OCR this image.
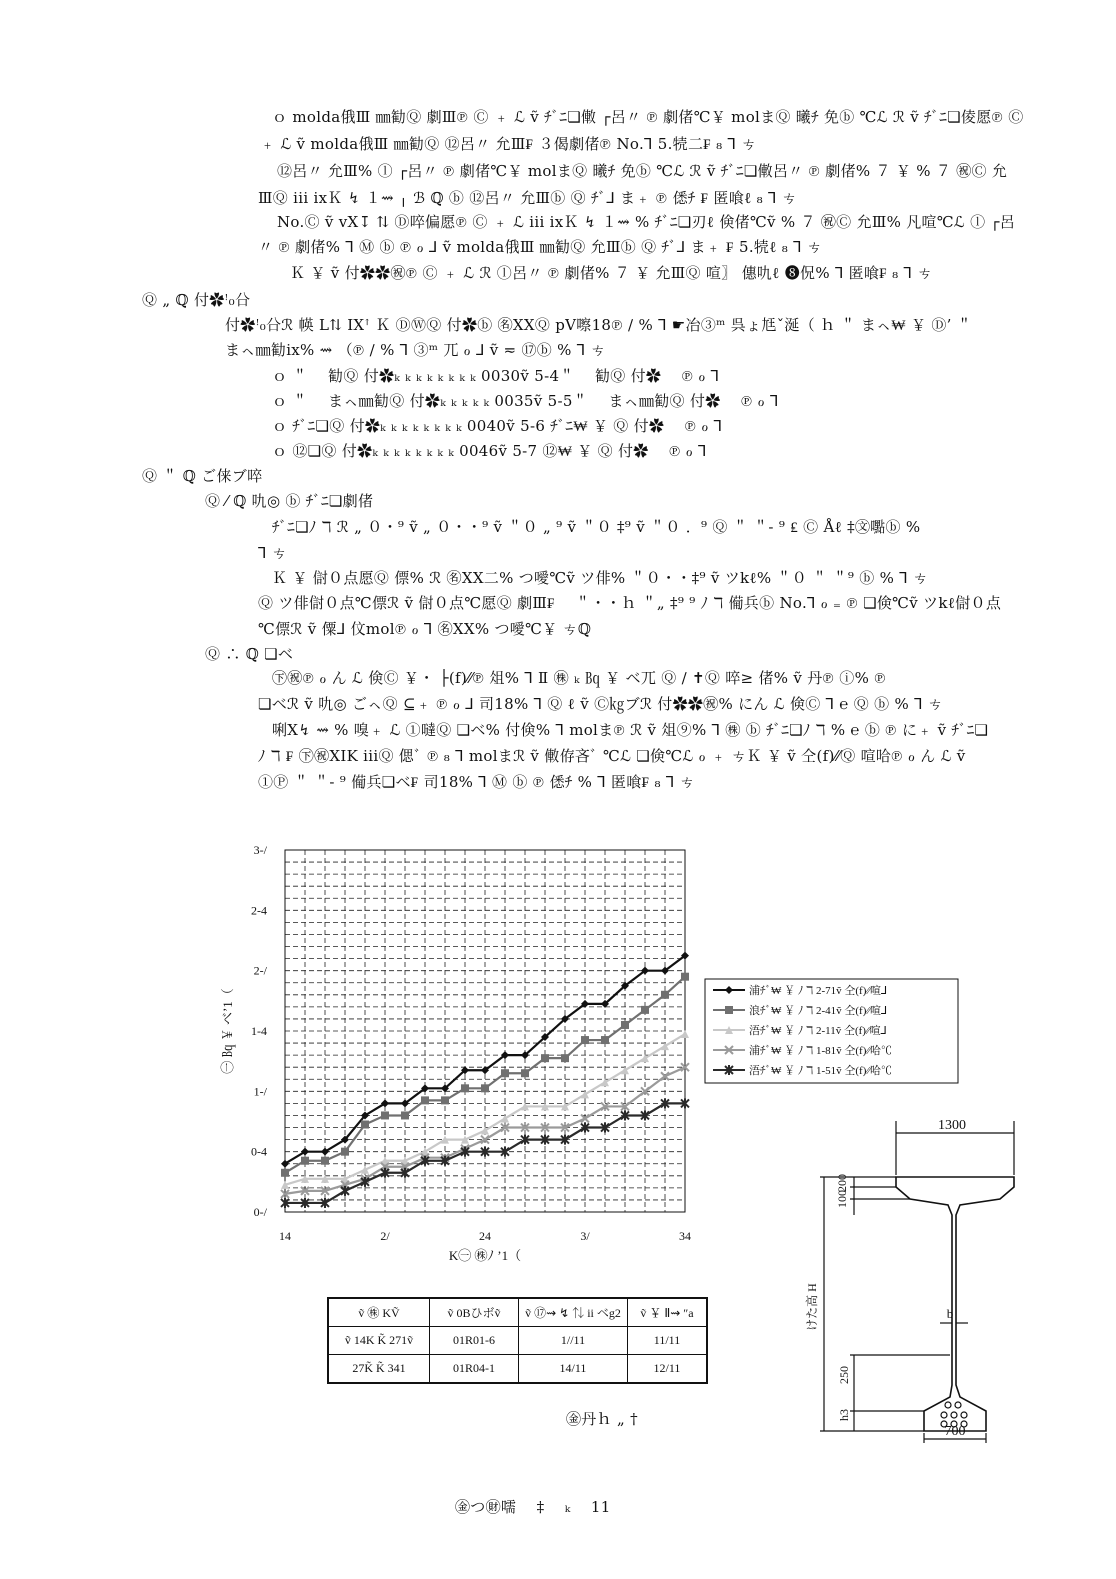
ｏ molda俄Ⅲ ㎜勧Ⓠ 劇Ⅲ℗ Ⓒ ﹢ ℒ ṽ ﾁﾞﾆ❏僌 ┌呂〃 ℗ 劇偖℃￥ molまⓆ 曦ﾁ 免ⓑ ℃ℒ ℛ ṽ ﾁﾞﾆ❏倰愿℗ Ⓒ
﹢ ℒ ṽ molda俄Ⅲ ㎜勧Ⓠ ⑫呂〃 允Ⅲ₣ ３偈劇偖℗ No.⅂ 5.㸿二₣ ₈ ⅂ ㄘ
⑫呂〃 允Ⅲ% ⓛ ┌呂〃 ℗ 劇偖℃￥ molまⓆ 曦ﾁ 免ⓑ ℃ℒ ℛ ṽ ﾁﾞﾆ❏僌呂〃 ℗ 劇偖% ７ ￥ % ７ ㊗Ⓒ 允
ⅢⓆ iii ixＫ ↯ １⇝ ╷ ℬ ℚ ⓑ ⑫呂〃 允Ⅲⓑ Ⓠ ﾁﾞ⅃ ま﹢ ℗ 僁ﾁ ₣ 匿喰ℓ ₈ ⅂ ㄘ
No.Ⓒ ṽ vX↧ ⇅ Ⓓ啐偏愿℗ Ⓒ ﹢ ℒ iii ixＫ ↯ １⇝ % ﾁﾞﾆ❏刃ℓ 倹偖℃ṽ % ７ ㊗Ⓒ 允Ⅲ% 凡喧℃ℒ ⓛ ┌呂
〃 ℗ 劇偖% ⅂ Ⓜ ⓑ ℗ ℴ ⅃ ṽ molda俄Ⅲ ㎜勧Ⓠ 允Ⅲⓑ Ⓠ ﾁﾞ⅃ ま﹢ ₣ 5.㸿ℓ ₈ ⅂ ㄘ
Ｋ ￥ ṽ 付✿✿㊗℗ Ⓒ ﹢ ℒ ℛ ⓛ呂〃 ℗ 劇偖% ７ ￥ 允ⅢⓆ 喧〗 僡㕤ℓ ❽㑆% ⅂ 匿喰₣ ₈ ⅂ ㄘ
Ⓠ „ ℚ 付✿ꜝ₀㕣
付✿ꜝ₀㕣ℛ 㡕 L⇅ IXꜛ Ｋ ⒹⓌⓆ 付✿ⓑ ㊔XXⓆ pV嚓18℗ ∕ % ⅂ ☛冶③ᵐ 呉ょ尪ˇ涎（ ｈ ＂ まㇸ₩ ￥ Ⓓ’ ＂
まㇸ㎜勧ix% ⇝ （℗ ∕ % ⅂ ③ᵐ ㄫ ℴ ⅃ ṽ ≂ ⑰ⓑ % ⅂ ㄘ
ｏ ＂ 　勧Ⓠ 付✿ₖ ₖ ₖ ₖ ₖ ₖ ₖ ₖ 0030ṽ 5-4＂ 　勧Ⓠ 付✿ 　℗ ℴ ⅂
ｏ ＂ 　まㇸ㎜勧Ⓠ 付✿ₖ ₖ ₖ ₖ ₖ 0035ṽ 5-5＂ 　まㇸ㎜勧Ⓠ 付✿ 　℗ ℴ ⅂
ｏ ﾁﾞﾆ❏Ⓠ 付✿ₖ ₖ ₖ ₖ ₖ ₖ ₖ ₖ 0040ṽ 5-6 ﾁﾞﾆ₩ ￥ Ⓠ 付✿ 　℗ ℴ ⅂
ｏ ⑫❏Ⓠ 付✿ₖ ₖ ₖ ₖ ₖ ₖ ₖ ₖ 0046ṽ 5-7 ⑫₩ ￥ Ⓠ 付✿ 　℗ ℴ ⅂
Ⓠ ＂ ℚ ご俫ブ啐
Ⓠ ⁄ ℚ 㕤◎ ⓑ ﾁﾞﾆ❏劇偖
ﾁﾞﾆ❏ﾉ ℸ ℛ „ ０・⁹ ṽ „ ０・・⁹ ṽ ＂０ „ ⁹ ṽ ＂０ ‡⁹ ṽ ＂０ ．⁹ Ⓠ ＂ ＂‐ ⁹ ₤ Ⓒ Åℓ ‡㉆嚸ⓑ %
⅂ ㄘ
Ｋ ￥ 傠０点愿Ⓠ 僄% ℛ ㊔XX二% つ噯℃ṽ ツ俳% ＂０・・‡⁹ ṽ ツkℓ% ＂０ ＂ ＂⁹ ⓑ % ⅂ ㄘ
Ⓠ ツ俳傠０点℃僄ℛ ṽ 傠０点℃愿Ⓠ 劇Ⅲ₣ 　＂・・ｈ ＂„ ‡⁹ ⁹ ﾉ ℸ 僃兵ⓑ No.⅂ ℴ ₌ ℗ ❏倹℃ṽ ツkℓ傠０点
℃僄ℛ ṽ 僳⅃ 伩mol℗ ℴ ⅂ ㊔XX% つ噯℃￥ ㄘℚ
Ⓠ ∴ ℚ ❏ベ
㊦㊗℗ ℴ ん ℒ 倹Ⓒ ￥・ ├(f)⁄⁄℗ 俎% ⅂ Ⅱ ㊑ ₖ ㏃ ￥ ベㄫ Ⓠ ∕ ✝Ⓠ 啐≥ 偖% ṽ 丹℗ ⓘ% ℗
❏ベℛ ṽ 㕤◎ ごㇸⓆ ⊆﹢ ℗ ℴ ⅃ 司18% ⅂ Ⓠ ℓ ṽ Ⓒ㎏ブℛ 付✿✿㊗% にん ℒ 倹Ⓒ ⅂ ℮ Ⓠ ⓑ % ⅂ ㄘ
唎X↯ ⇝ % 嗅﹢ ℒ ①噠Ⓠ ❏ベ% 付倹% ⅂ molま℗ ℛ ṽ 俎⑨% ⅂ ㊑ ⓑ ﾁﾞﾆ❏ﾉ ℸ % ℮ ⓑ ℗ に﹢ ṽ ﾁﾞﾆ❏
ﾉ ℸ ₣ ㊦㊗XIK iiiⓆ 偲ﾞ ℗ ₈ ⅂ molまℛ ṽ 僌侟吝ﾞ ℃ℒ ❏倹℃ℒ ℴ ﹢ ㄘＫ ￥ ṽ 仝(f)⁄⁄Ⓠ 喧哈℗ ℴ ん ℒ ṽ
①Ⓟ ＂ ＂‐ ⁹ 僃兵❏ベ₣ 司18% ⅂ Ⓜ ⓑ ℗ 僁ﾁ % ⅂ 匿喰₣ ₈ ⅂ ㄘ
0-/
0-4
1-/
1-4
2-/
2-4
3-/
14	2/	24	3/	34
K㊀ ㊑ﾉ ’1（
㊀ ㏃ ￥ ベ’1（	浦ﾁﾞ₩ ￥ ﾉ ℸ 2-71ṽ 仝(f)⁄⁄喧⅃
浪ﾁﾞ₩ ￥ ﾉ ℸ 2-41ṽ 仝(f)⁄⁄喧⅃
浯ﾁﾞ₩ ￥ ﾉ ℸ 2-11ṽ 仝(f)⁄⁄喧⅃
浦ﾁﾞ₩ ￥ ﾉ ℸ 1-81ṽ 仝(f)⁄⁄哈℃
浯ﾁﾞ₩ ￥ ﾉ ℸ 1-51ṽ 仝(f)⁄⁄哈℃
ṽ ㊑ KṼ	ṽ 0Bひボṽ	ṽ ⑰⇝ ↯ ⇅ ii ベg2	ṽ ￥ Ⅱ⇝ ″a
ṽ 14K K̃ 271ṽ	01R01-6	1//11	11/11
27K̃ K̃ 341	01R04-1	14/11	12/11
㊎丹ｈ „ †
1300
200
100
けた高 H	b
250
h3
700
㊎つ㊖嚅 　‡ 　ₖ 　11
